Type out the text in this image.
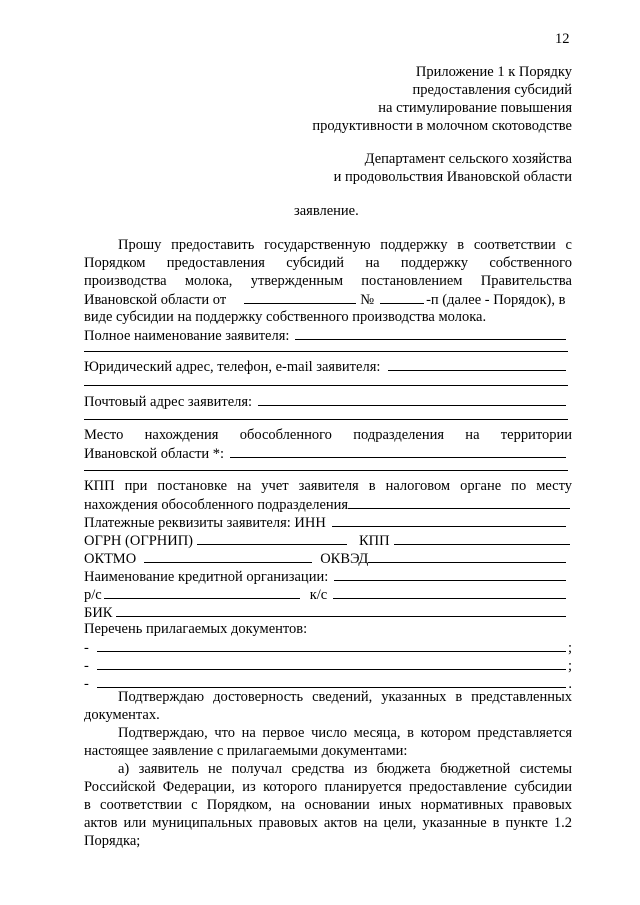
12
Приложение 1 к Порядку
предоставления субсидий
на стимулирование повышения
продуктивности в молочном скотоводстве
Департамент сельского хозяйства
и продовольствия Ивановской области
заявление.
Прошу предоставить государственную поддержку в соответствии с
Порядком предоставления субсидий на поддержку собственного
производства молока, утвержденным постановлением Правительства
Ивановской области от	№	-п (далее - Порядок), в
виде субсидии на поддержку собственного производства молока.
Полное наименование заявителя:
Юридический адрес, телефон, e-mail заявителя:
Почтовый адрес заявителя:
Место нахождения обособленного подразделения на территории
Ивановской области *:
КПП при постановке на учет заявителя в налоговом органе по месту
нахождения обособленного подразделения
Платежные реквизиты заявителя: ИНН
ОГРН (ОГРНИП)	КПП
ОКТМО	ОКВЭД
Наименование кредитной организации:
р/с	к/с
БИК
Перечень прилагаемых документов:
-	;
-	;
-	.
Подтверждаю достоверность сведений, указанных в представленных
документах.
Подтверждаю, что на первое число месяца, в котором представляется
настоящее заявление с прилагаемыми документами:
а) заявитель не получал средства из бюджета бюджетной системы
Российской Федерации, из которого планируется предоставление субсидии
в соответствии с Порядком, на основании иных нормативных правовых
актов или муниципальных правовых актов на цели, указанные в пункте 1.2
Порядка;
